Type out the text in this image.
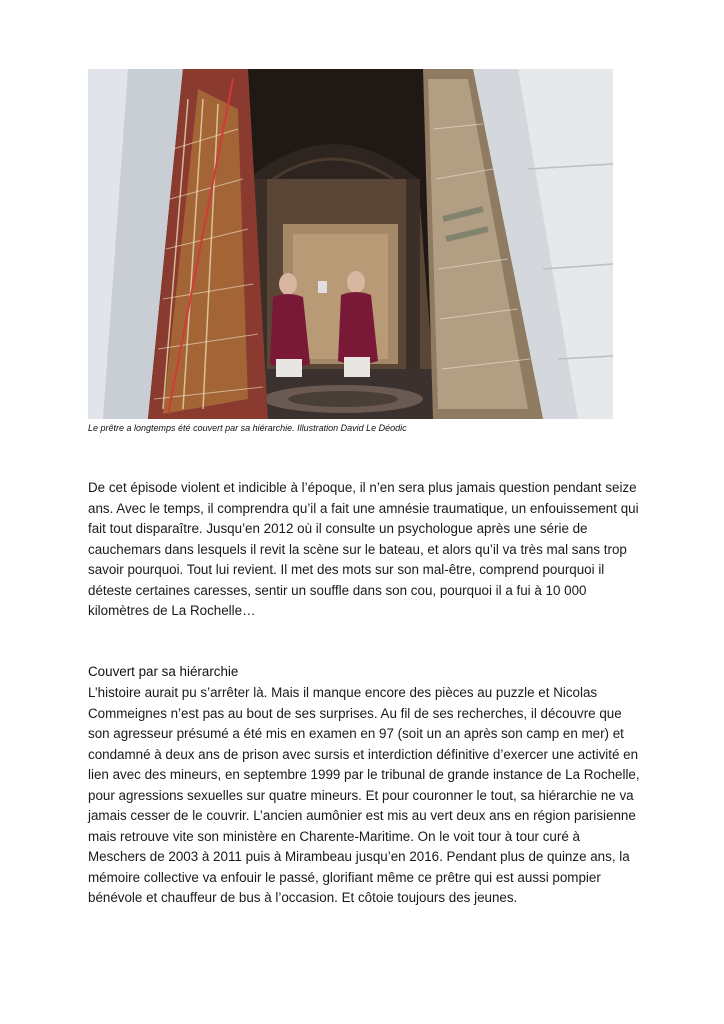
Le prêtre a longtemps été couvert par sa hiérarchie. Illustration David Le Déodic

De cet épisode violent et indicible à l’époque, il n’en sera plus jamais question pendant seize ans. Avec le temps, il comprendra qu’il a fait une amnésie traumatique, un enfouissement qui fait tout disparaître. Jusqu’en 2012 où il consulte un psychologue après une série de cauchemars dans lesquels il revit la scène sur le bateau, et alors qu’il va très mal sans trop savoir pourquoi. Tout lui revient. Il met des mots sur son mal-être, comprend pourquoi il déteste certaines caresses, sentir un souffle dans son cou, pourquoi il a fui à 10 000 kilomètres de La Rochelle…

Couvert par sa hiérarchie

L’histoire aurait pu s’arrêter là. Mais il manque encore des pièces au puzzle et Nicolas Commeignes n’est pas au bout de ses surprises. Au fil de ses recherches, il découvre que son agresseur présumé a été mis en examen en 97 (soit un an après son camp en mer) et condamné à deux ans de prison avec sursis et interdiction définitive d’exercer une activité en lien avec des mineurs, en septembre 1999 par le tribunal de grande instance de La Rochelle, pour agressions sexuelles sur quatre mineurs. Et pour couronner le tout, sa hiérarchie ne va jamais cesser de le couvrir. L’ancien aumônier est mis au vert deux ans en région parisienne mais retrouve vite son ministère en Charente-Maritime. On le voit tour à tour curé à Meschers de 2003 à 2011 puis à Mirambeau jusqu’en 2016. Pendant plus de quinze ans, la mémoire collective va enfouir le passé, glorifiant même ce prêtre qui est aussi pompier bénévole et chauffeur de bus à l’occasion. Et côtoie toujours des jeunes.
